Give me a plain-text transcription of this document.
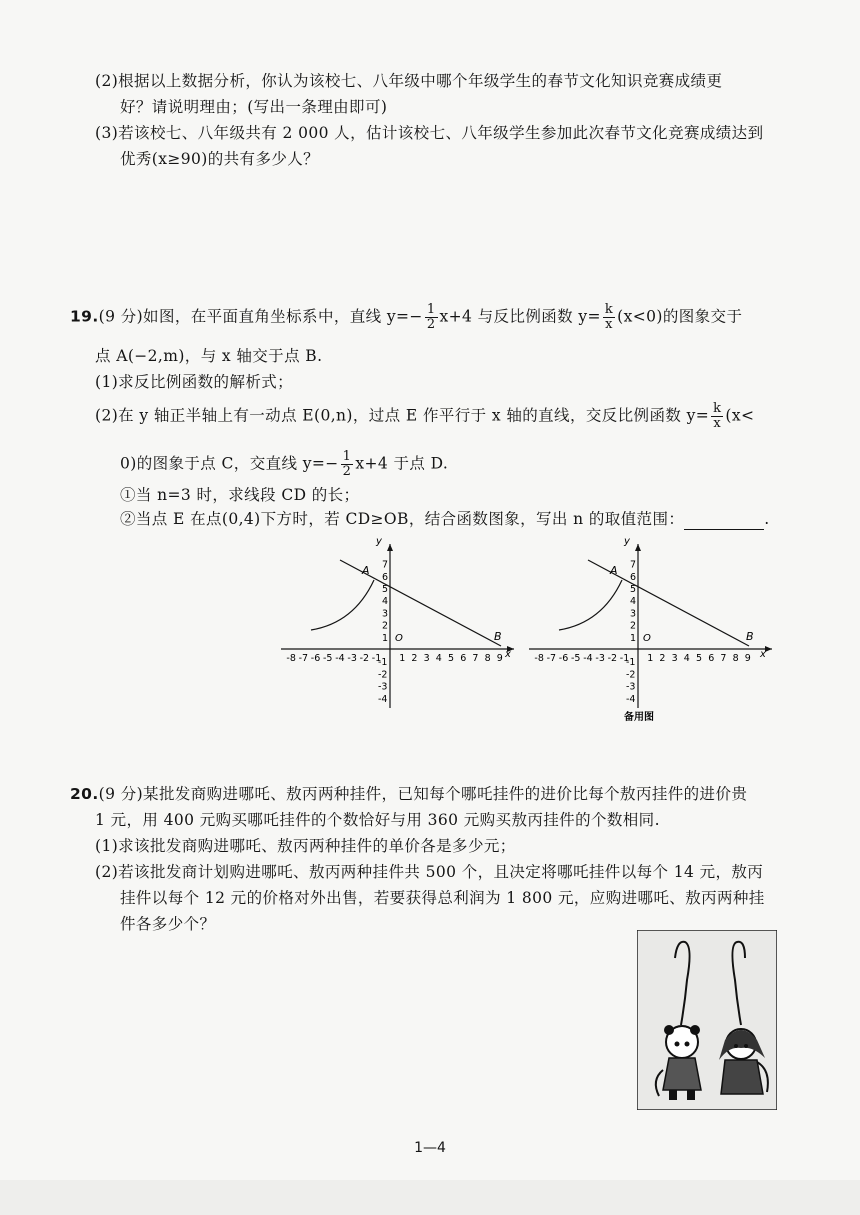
(2)根据以上数据分析，你认为该校七、八年级中哪个年级学生的春节文化知识竞赛成绩更
好？请说明理由；(写出一条理由即可)
(3)若该校七、八年级共有 2 000 人，估计该校七、八年级学生参加此次春节文化竞赛成绩达到
优秀(x≥90)的共有多少人？
19.(9 分)如图，在平面直角坐标系中，直线 $y=- \frac{1}{2} x+4$ 与反比例函数 $y= \frac{k}{x} (x<0)$的图象交于
点 A(−2,m)，与 x 轴交于点 B.
(1)求反比例函数的解析式；
(2)在 y 轴正半轴上有一动点 E(0,n)，过点 E 作平行于 x 轴的直线，交反比例函数 $y= \frac{k}{x} (x<$
0)的图象于点 C，交直线 $y=- \frac{1}{2} x+4$ 于点 D.
①当 n=3 时，求线段 CD 的长；
②当点 E 在点(0,4)下方时，若 CD≥OB，结合函数图象，写出 n 的取值范围：	.
y
x
O
A
B
-8 -7 -6 -5 -4 -3 -2 -1 1 2 3 4 5 6 7 8 9
7
6
5
4
3
2
1
-1
-2
-3
-4
y
x
O
A
B
备用图
-8 -7 -6 -5 -4 -3 -2 -1 1 2 3 4 5 6 7 8 9
7
6
5
4
3
2
1
-1
-2
-3
-4
20.(9 分)某批发商购进哪吒、敖丙两种挂件，已知每个哪吒挂件的进价比每个敖丙挂件的进价贵
1 元，用 400 元购买哪吒挂件的个数恰好与用 360 元购买敖丙挂件的个数相同.
(1)求该批发商购进哪吒、敖丙两种挂件的单价各是多少元；
(2)若该批发商计划购进哪吒、敖丙两种挂件共 500 个，且决定将哪吒挂件以每个 14 元，敖丙
挂件以每个 12 元的价格对外出售，若要获得总利润为 1 800 元，应购进哪吒、敖丙两种挂
件各多少个？
1—4
